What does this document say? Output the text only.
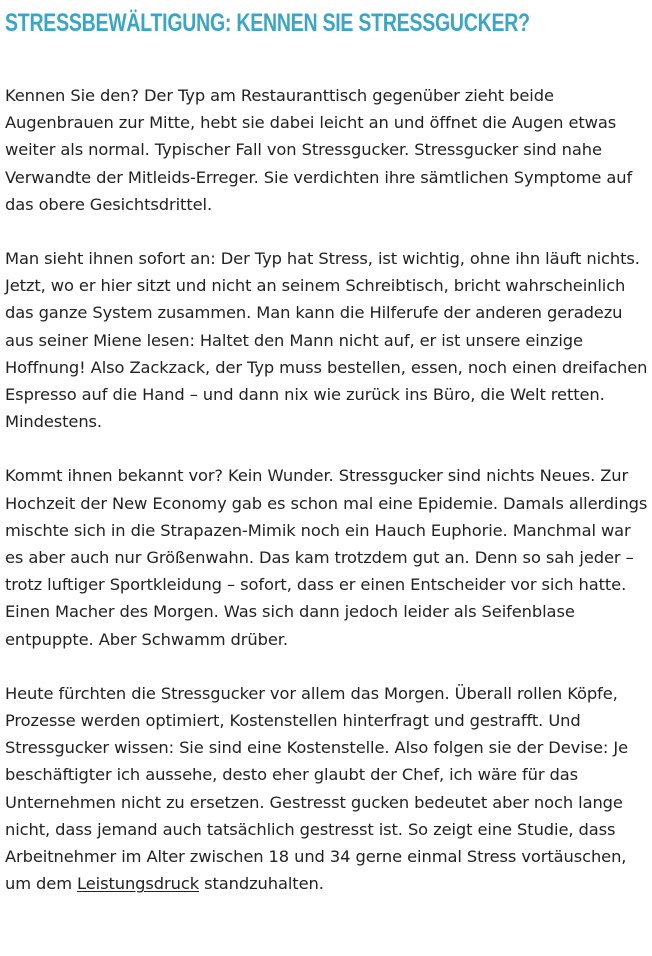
STRESSBEWÄLTIGUNG: KENNEN SIE STRESSGUCKER?

Kennen Sie den? Der Typ am Restauranttisch gegenüber zieht beide Augenbrauen zur Mitte, hebt sie dabei leicht an und öffnet die Augen etwas weiter als normal. Typischer Fall von Stressgucker. Stressgucker sind nahe Verwandte der Mitleids-Erreger. Sie verdichten ihre sämtlichen Symptome auf das obere Gesichtsdrittel.

Man sieht ihnen sofort an: Der Typ hat Stress, ist wichtig, ohne ihn läuft nichts. Jetzt, wo er hier sitzt und nicht an seinem Schreibtisch, bricht wahrscheinlich das ganze System zusammen. Man kann die Hilferufe der anderen geradezu aus seiner Miene lesen: Haltet den Mann nicht auf, er ist unsere einzige Hoffnung! Also Zackzack, der Typ muss bestellen, essen, noch einen dreifachen Espresso auf die Hand – und dann nix wie zurück ins Büro, die Welt retten. Mindestens.

Kommt ihnen bekannt vor? Kein Wunder. Stressgucker sind nichts Neues. Zur Hochzeit der New Economy gab es schon mal eine Epidemie. Damals allerdings mischte sich in die Strapazen-Mimik noch ein Hauch Euphorie. Manchmal war es aber auch nur Größenwahn. Das kam trotzdem gut an. Denn so sah jeder – trotz luftiger Sportkleidung – sofort, dass er einen Entscheider vor sich hatte. Einen Macher des Morgen. Was sich dann jedoch leider als Seifenblase entpuppte. Aber Schwamm drüber.

Heute fürchten die Stressgucker vor allem das Morgen. Überall rollen Köpfe, Prozesse werden optimiert, Kostenstellen hinterfragt und gestrafft. Und Stressgucker wissen: Sie sind eine Kostenstelle. Also folgen sie der Devise: Je beschäftigter ich aussehe, desto eher glaubt der Chef, ich wäre für das Unternehmen nicht zu ersetzen. Gestresst gucken bedeutet aber noch lange nicht, dass jemand auch tatsächlich gestresst ist. So zeigt eine Studie, dass Arbeitnehmer im Alter zwischen 18 und 34 gerne einmal Stress vortäuschen, um dem Leistungsdruck standzuhalten.
